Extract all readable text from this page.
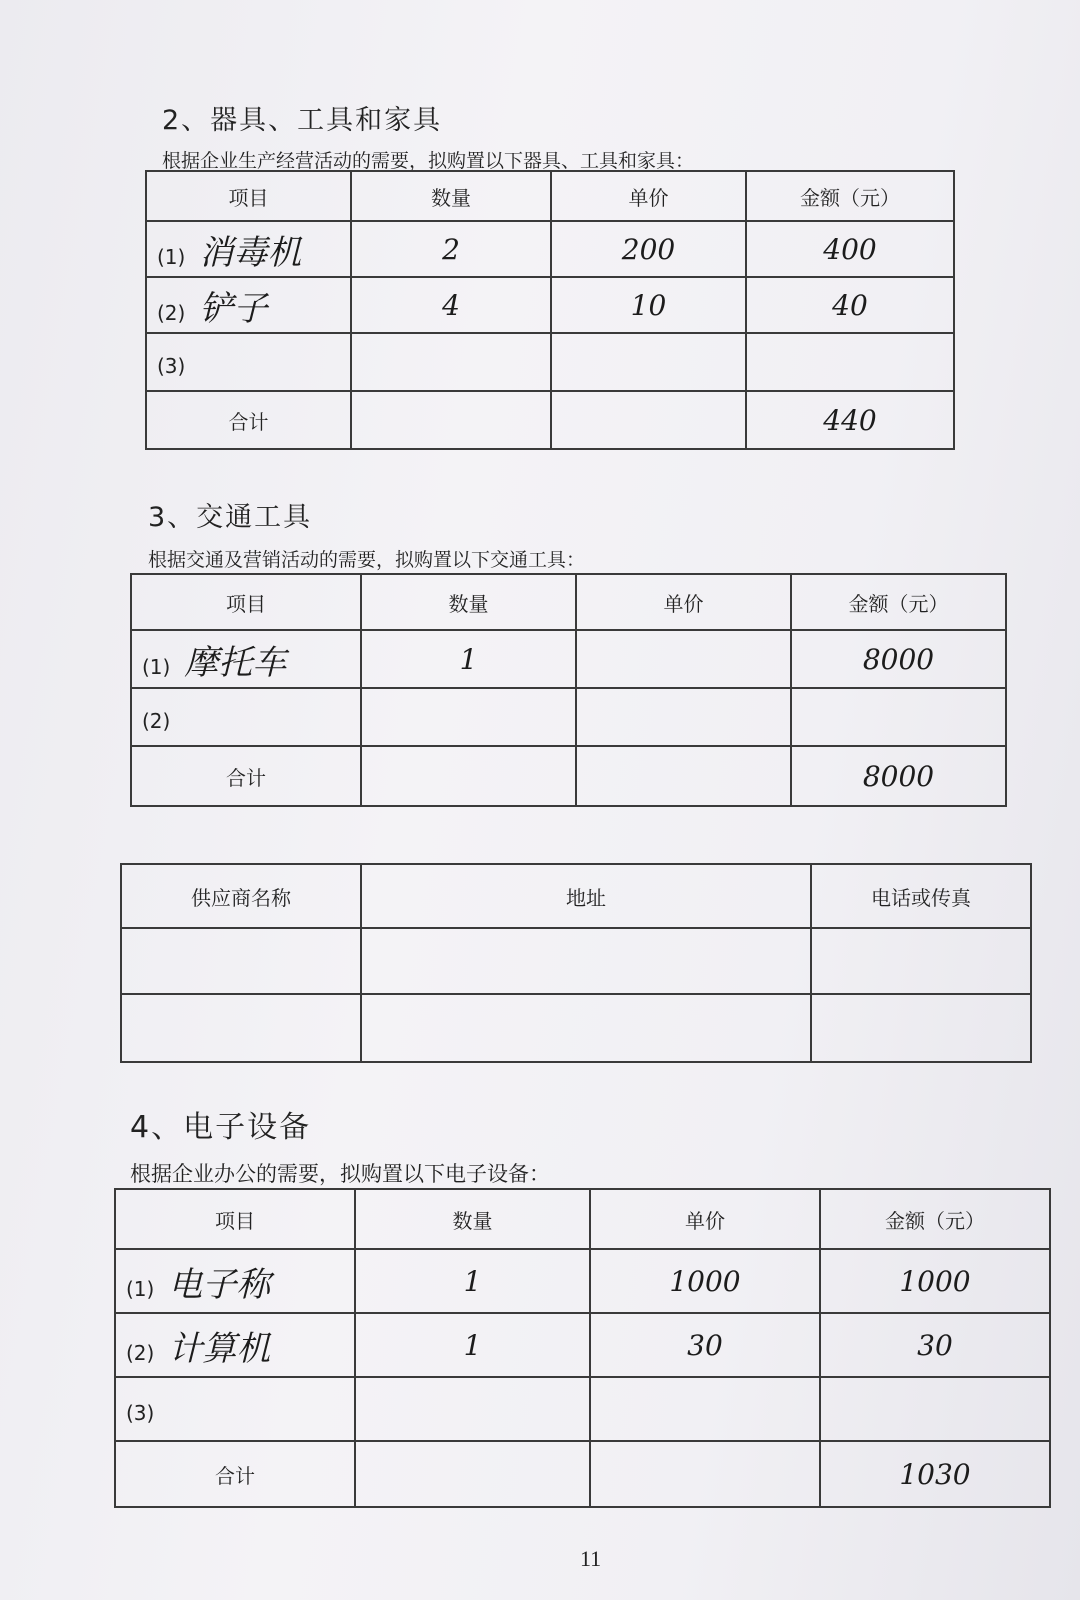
2、器具、工具和家具
根据企业生产经营活动的需要，拟购置以下器具、工具和家具：
项目	数量	单价	金额（元）
(1) 消毒机	2	200	400
(2) 铲子	4	10	40
(3)			
合计			440
3、交通工具
根据交通及营销活动的需要，拟购置以下交通工具：
项目	数量	单价	金额（元）
(1) 摩托车	1		8000
(2)			
合计			8000
供应商名称	地址	电话或传真

4、电子设备
根据企业办公的需要，拟购置以下电子设备：
项目	数量	单价	金额（元）
(1) 电子称	1	1000	1000
(2) 计算机	1	30	30
(3)			
合计			1030
11
